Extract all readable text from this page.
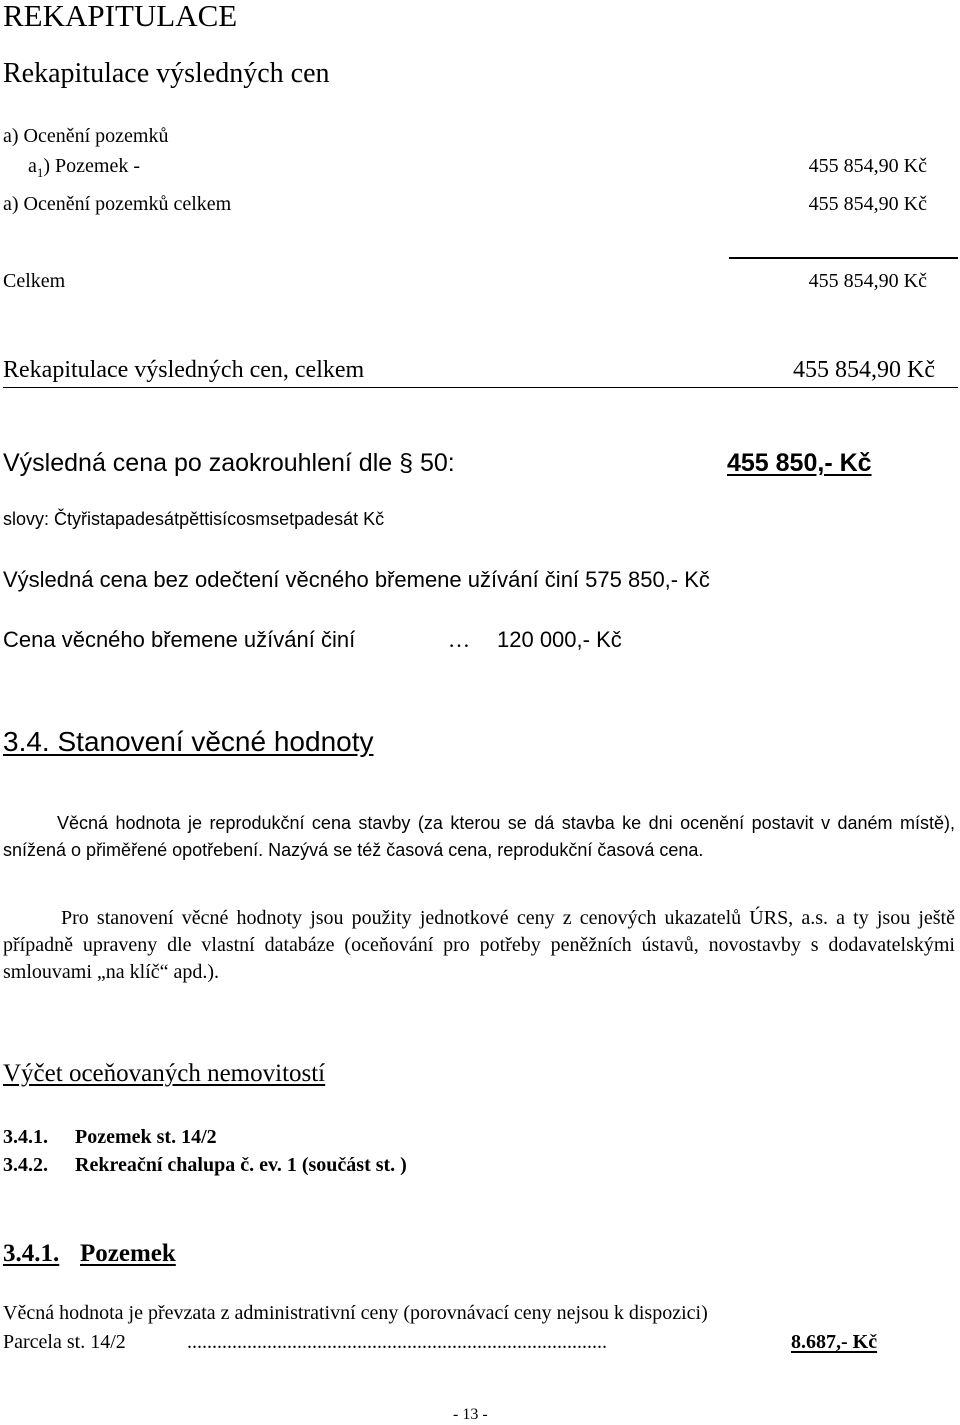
REKAPITULACE
Rekapitulace výsledných cen
a) Ocenění pozemků
$a_1$) Pozemek -	455 854,90 Kč
a) Ocenění pozemků celkem	455 854,90 Kč
Celkem	455 854,90 Kč
Rekapitulace výsledných cen, celkem	455 854,90 Kč
Výsledná cena po zaokrouhlení dle § 50:	455 850,- Kč
slovy: Čtyřistapadesátpěttisícosmsetpadesát Kč
Výsledná cena bez odečtení věcného břemene užívání činí 575 850,- Kč
Cena věcného břemene užívání činí	… 120 000,- Kč
3.4. Stanovení věcné hodnoty

Věcná hodnota je reprodukční cena stavby (za kterou se dá stavba ke dni ocenění postavit v daném místě), snížená o přiměřené opotřebení. Nazývá se též časová cena, reprodukční časová cena.

Pro stanovení věcné hodnoty jsou použity jednotkové ceny z cenových ukazatelů ÚRS, a.s. a ty jsou ještě případně upraveny dle vlastní databáze (oceňování pro potřeby peněžních ústavů, novostavby s dodavatelskými smlouvami „na klíč“ apd.).

Výčet oceňovaných nemovitostí
3.4.1. Pozemek st. 14/2
3.4.2. Rekreační chalupa č. ev. 1 (součást st. )
3.4.1. Pozemek
Věcná hodnota je převzata z administrativní ceny (porovnávací ceny nejsou k dispozici)
Parcela st. 14/2	....................................................................................	8.687,- Kč
- 13 -
